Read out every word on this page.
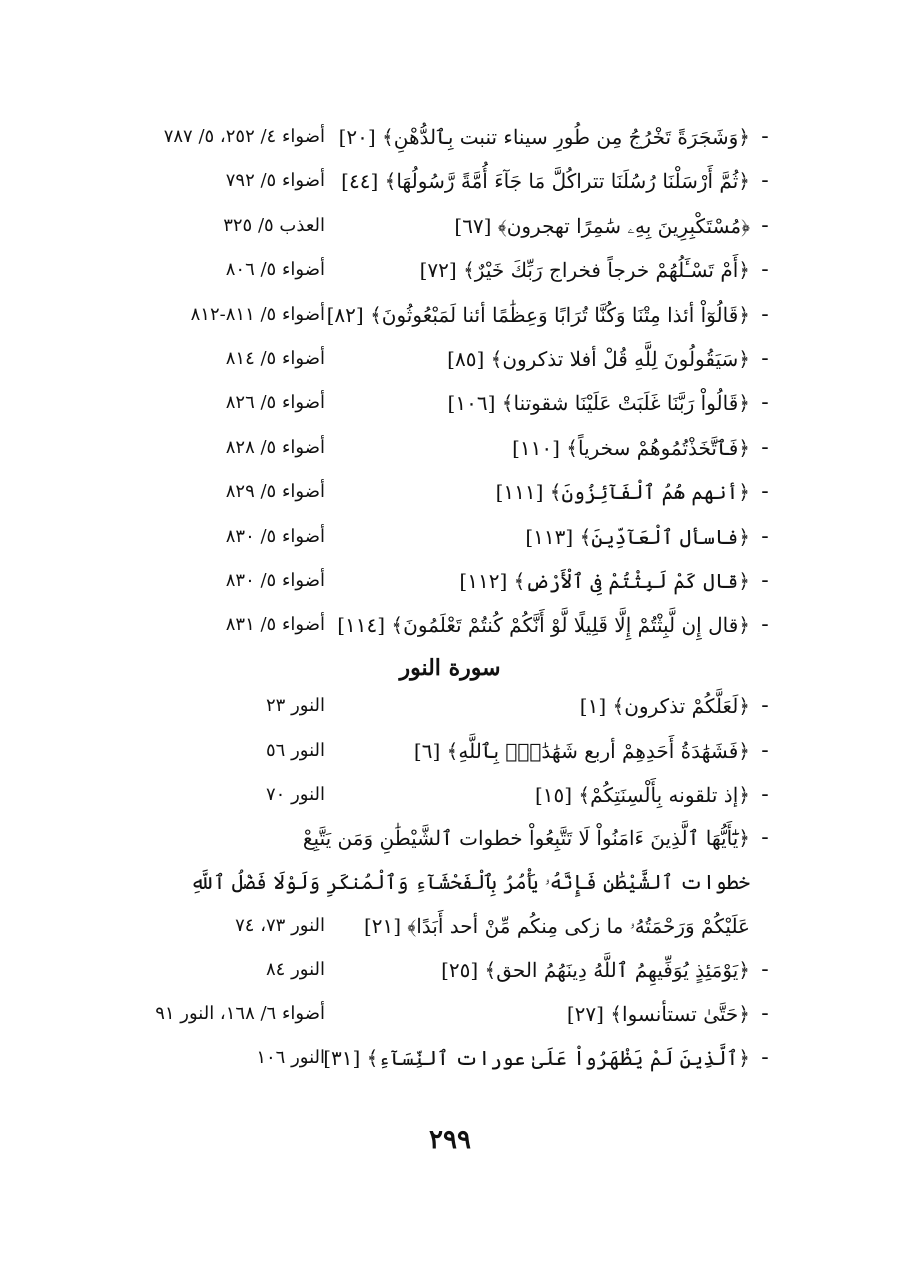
-
﴿وَشَجَرَةً تَخْرُجُ مِن طُورِ سيناء تنبت بِٱلدُّهْنِ﴾ [٢٠]
أضواء ٤/ ٢٥٢، ٥/ ٧٨٧
-
﴿ثُمَّ أَرْسَلْنَا رُسُلَنَا تتراكُلَّ مَا جَآءَ أُمَّةً رَّسُولُهَا﴾ [٤٤]
أضواء ٥/ ٧٩٢
-
﴿مُسْتَكْبِرِينَ بِهِۦ سَٰمِرًا تهجرون﴾ [٦٧]
العذب ٥/ ٣٢٥
-
﴿أَمْ تَسْـَٔلُهُمْ خرجاً فخراج رَبِّكَ خَيْرٌ﴾ [٧٢]
أضواء ٥/ ٨٠٦
-
﴿قَالُوٓاْ أئذا مِتْنَا وَكُنَّا تُرَابًا وَعِظَٰمًا أئنا لَمَبْعُوثُونَ﴾ [٨٢]
أضواء ٥/ ٨١١-٨١٢
-
﴿سَيَقُولُونَ لِلَّهِ قُلْ أفلا تذكرون﴾ [٨٥]
أضواء ٥/ ٨١٤
-
﴿قَالُواْ رَبَّنَا غَلَبَتْ عَلَيْنَا شقوتنا﴾ [١٠٦]
أضواء ٥/ ٨٢٦
-
﴿فَٱتَّخَذْتُمُوهُمْ سخرياً﴾ [١١٠]
أضواء ٥/ ٨٢٨
-
﴿أنهم هُمُ ٱلْفَآئِزُونَ﴾ [١١١]
أضواء ٥/ ٨٢٩
-
﴿فاسأل ٱلْعَآدِّينَ﴾ [١١٣]
أضواء ٥/ ٨٣٠
-
﴿قال كَمْ لَبِثْتُمْ فِى ٱلْأَرْضِ﴾ [١١٢]
أضواء ٥/ ٨٣٠
-
﴿قال إِن لَّبِثْتُمْ إِلَّا قَلِيلًا لَّوْ أَنَّكُمْ كُنتُمْ تَعْلَمُونَ﴾ [١١٤]
أضواء ٥/ ٨٣١
سورة النور
-
﴿لَعَلَّكُمْ تذكرون﴾ [١]
النور ٢٣
-
﴿فَشَهَٰدَةُ أَحَدِهِمْ أربع شَهَٰدَٰتٍۭ بِٱللَّهِ﴾ [٦]
النور ٥٦
-
﴿إذ تلقونه بِأَلْسِنَتِكُمْ﴾ [١٥]
النور ٧٠
-
﴿يَٰٓأَيُّهَا ٱلَّذِينَ ءَامَنُواْ لَا تَتَّبِعُواْ خطوات ٱلشَّيْطَٰنِ وَمَن يَتَّبِعْ
خطوات ٱلشَّيْطَٰنِ فَإِنَّهُۥ يَأْمُرُ بِٱلْفَحْشَآءِ وَٱلْمُنكَرِ وَلَوْلَا فَضْلُ ٱللَّهِ
عَلَيْكُمْ وَرَحْمَتُهُۥ ما زكى مِنكُم مِّنْ أحد أَبَدًا﴾ [٢١]
النور ٧٣، ٧٤
-
﴿يَوْمَئِذٍ يُوَفِّيهِمُ ٱللَّهُ دِينَهُمُ الحق﴾ [٢٥]
النور ٨٤
-
﴿حَتَّىٰ تستأنسوا﴾ [٢٧]
أضواء ٦/ ١٦٨، النور ٩١
-
﴿ٱلَّذِينَ لَمْ يَظْهَرُواْ عَلَىٰ عورات ٱلنِّسَآءِ﴾ [٣١]
النور ١٠٦
٢٩٩
